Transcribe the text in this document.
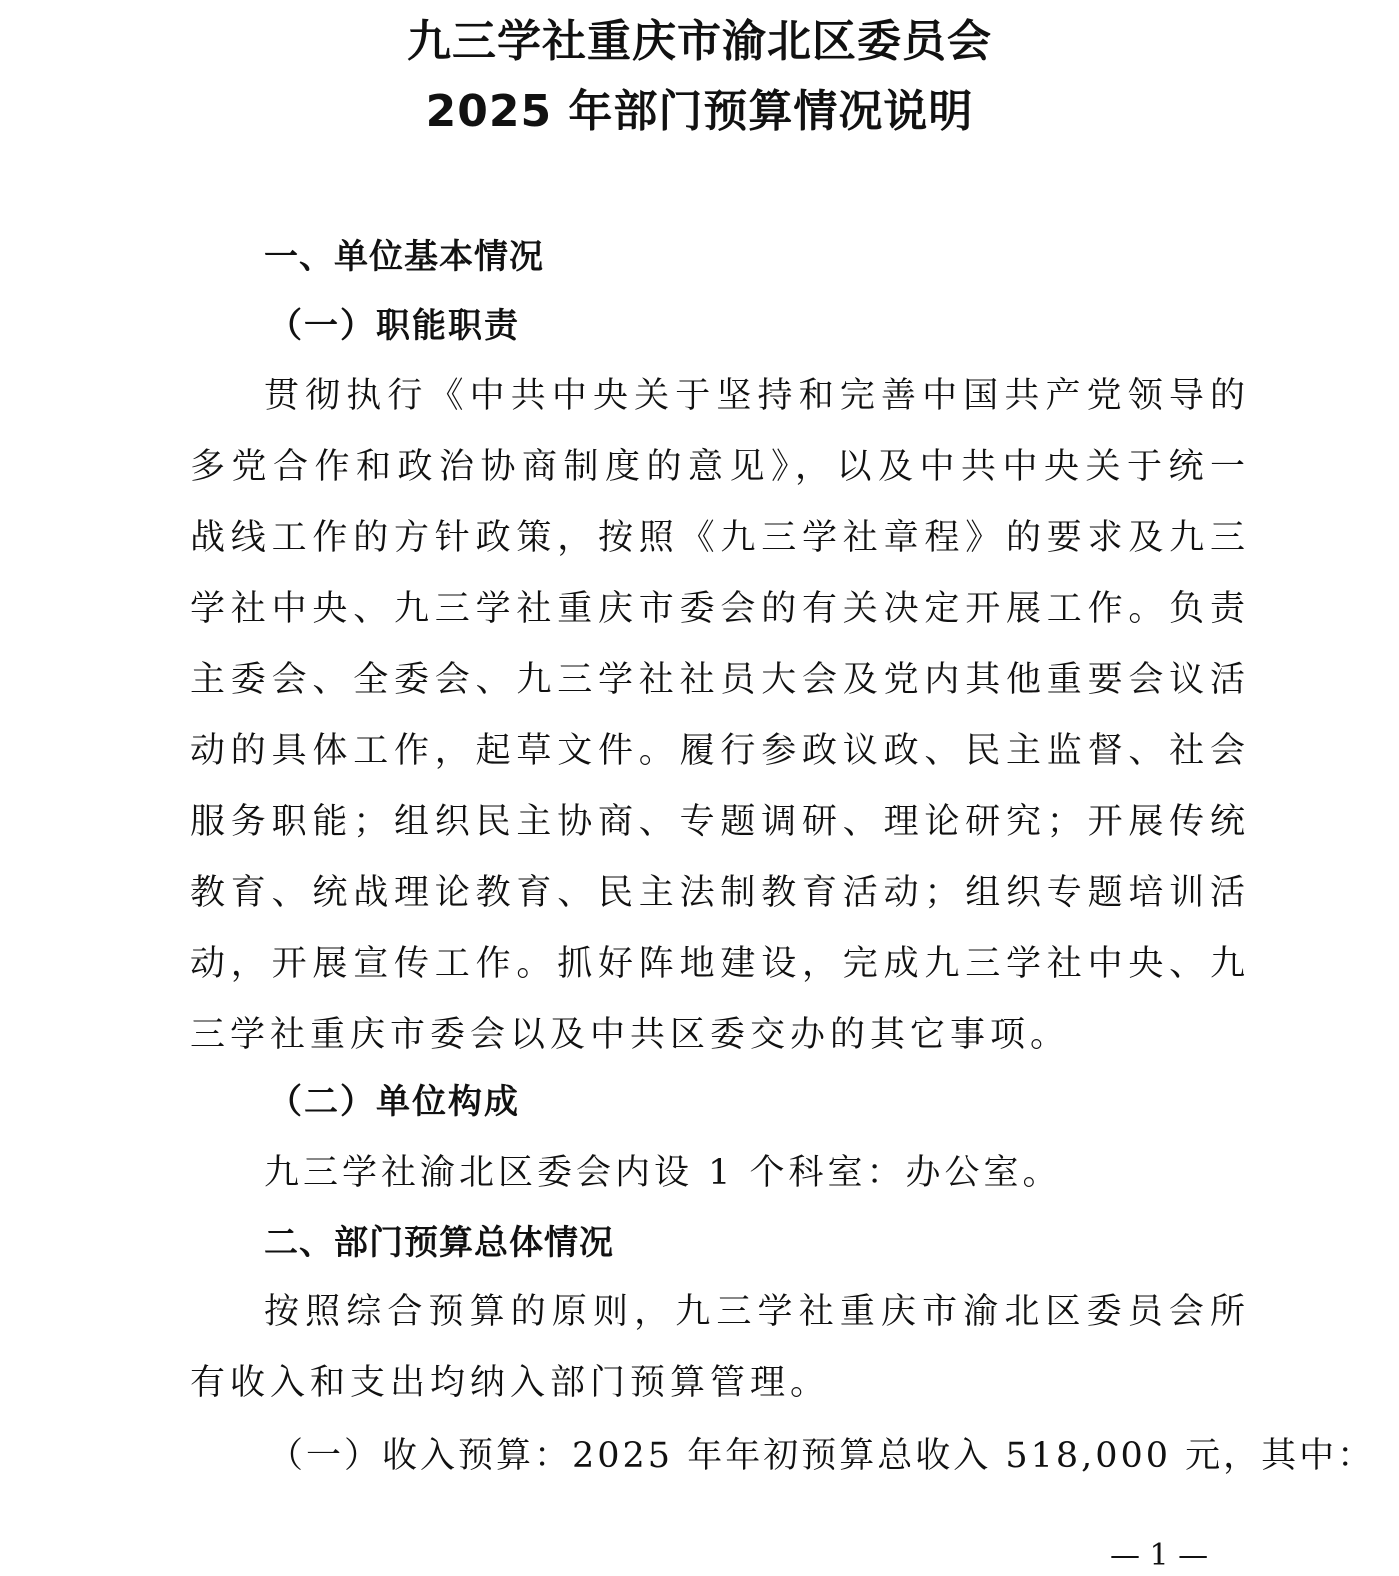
九三学社重庆市渝北区委员会
2025 年部门预算情况说明
一、单位基本情况
（一）职能职责

贯彻执行《中共中央关于坚持和完善中国共产党领导的多党合作和政治协商制度的意见》，以及中共中央关于统一战线工作的方针政策，按照《九三学社章程》的要求及九三学社中央、九三学社重庆市委会的有关决定开展工作。负责主委会、全委会、九三学社社员大会及党内其他重要会议活动的具体工作，起草文件。履行参政议政、民主监督、社会服务职能；组织民主协商、专题调研、理论研究；开展传统教育、统战理论教育、民主法制教育活动；组织专题培训活动，开展宣传工作。抓好阵地建设，完成九三学社中央、九三学社重庆市委会以及中共区委交办的其它事项。

（二）单位构成
九三学社渝北区委会内设 1 个科室：办公室。
二、部门预算总体情况

按照综合预算的原则，九三学社重庆市渝北区委员会所有收入和支出均纳入部门预算管理。

（一）收入预算：2025 年年初预算总收入 518,000 元，其中：
— 1 —
